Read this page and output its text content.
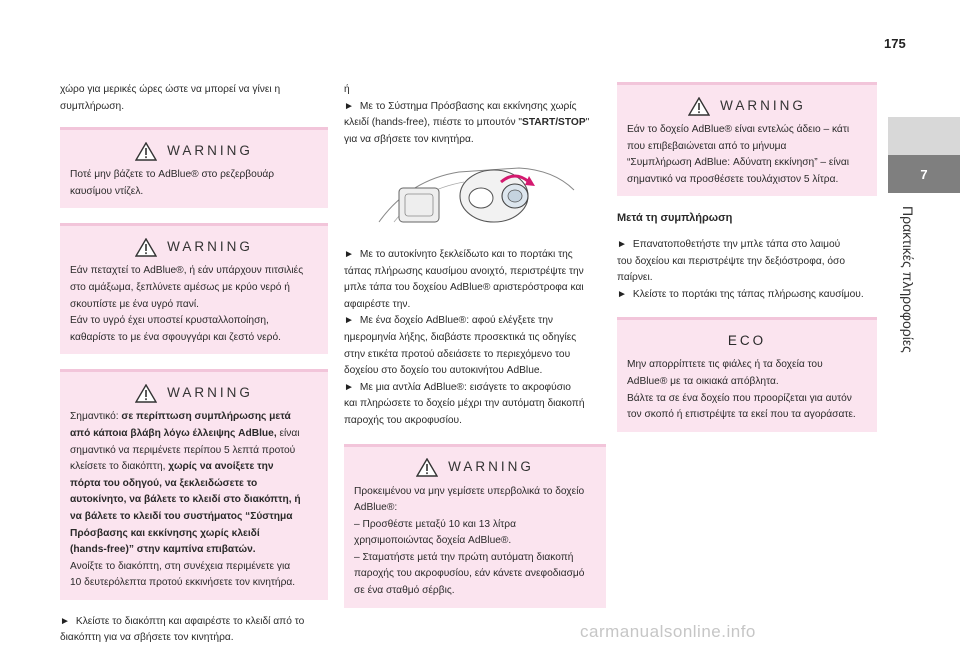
175
7
Πρακτικές πληροφορίες

χώρο για μερικές ώρες ώστε να μπορεί να γίνει η

συμπλήρωση.

WARNING

Ποτέ μην βάζετε το AdBlue® στο ρεζερβουάρ

καυσίμου ντίζελ.

WARNING

Εάν πεταχτεί το AdBlue®, ή εάν υπάρχουν πιτσιλιές

στο αμάξωμα, ξεπλύνετε αμέσως με κρύο νερό ή

σκουπίστε με ένα υγρό πανί.

Εάν το υγρό έχει υποστεί κρυσταλλοποίηση,

καθαρίστε το με ένα σφουγγάρι και ζεστό νερό.

WARNING

Σημαντικό: σε περίπτωση συμπλήρωσης μετά

από κάποια βλάβη λόγω έλλειψης AdBlue, είναι

σημαντικό να περιμένετε περίπου 5 λεπτά προτού

κλείσετε το διακόπτη, χωρίς να ανοίξετε την

πόρτα του οδηγού, να ξεκλειδώσετε το

αυτοκίνητο, να βάλετε το κλειδί στο διακόπτη, ή

να βάλετε το κλειδί του συστήματος “Σύστημα

Πρόσβασης και εκκίνησης χωρίς κλειδί

(hands-free)” στην καμπίνα επιβατών.

Ανοίξτε το διακόπτη, στη συνέχεια περιμένετε για

10 δευτερόλεπτα προτού εκκινήσετε τον κινητήρα.

► Κλείστε το διακόπτη και αφαιρέστε το κλειδί από το

διακόπτη για να σβήσετε τον κινητήρα.

ή

► Με το Σύστημα Πρόσβασης και εκκίνησης χωρίς

κλειδί (hands-free), πιέστε το μπουτόν "START/STOP"

για να σβήσετε τον κινητήρα.

► Με το αυτοκίνητο ξεκλείδωτο και το πορτάκι της

τάπας πλήρωσης καυσίμου ανοιχτό, περιστρέψτε την

μπλε τάπα του δοχείου AdBlue® αριστερόστροφα και

αφαιρέστε την.

► Με ένα δοχείο AdBlue®: αφού ελέγξετε την

ημερομηνία λήξης, διαβάστε προσεκτικά τις οδηγίες

στην ετικέτα προτού αδειάσετε το περιεχόμενο του

δοχείου στο δοχείο του αυτοκινήτου AdBlue.

► Με μια αντλία AdBlue®: εισάγετε το ακροφύσιο

και πληρώσετε το δοχείο μέχρι την αυτόματη διακοπή

παροχής του ακροφυσίου.

WARNING

Προκειμένου να μην γεμίσετε υπερβολικά το δοχείο

AdBlue®:

– Προσθέστε μεταξύ 10 και 13 λίτρα

χρησιμοποιώντας δοχεία AdBlue®.

– Σταματήστε μετά την πρώτη αυτόματη διακοπή

παροχής του ακροφυσίου, εάν κάνετε ανεφοδιασμό

σε ένα σταθμό σέρβις.

WARNING

Εάν το δοχείο AdBlue® είναι εντελώς άδειο – κάτι

που επιβεβαιώνεται από το μήνυμα

“Συμπλήρωση AdBlue: Αδύνατη εκκίνηση” – είναι

σημαντικό να προσθέσετε τουλάχιστον 5 λίτρα.

Μετά τη συμπλήρωση

► Επανατοποθετήστε την μπλε τάπα στο λαιμού

του δοχείου και περιστρέψτε την δεξιόστροφα, όσο

παίρνει.

► Κλείστε το πορτάκι της τάπας πλήρωσης καυσίμου.

ECO

Μην απορρίπτετε τις φιάλες ή τα δοχεία του

AdBlue® με τα οικιακά απόβλητα.

Βάλτε τα σε ένα δοχείο που προορίζεται για αυτόν

τον σκοπό ή επιστρέψτε τα εκεί που τα αγοράσατε.

carmanualsonline.info
